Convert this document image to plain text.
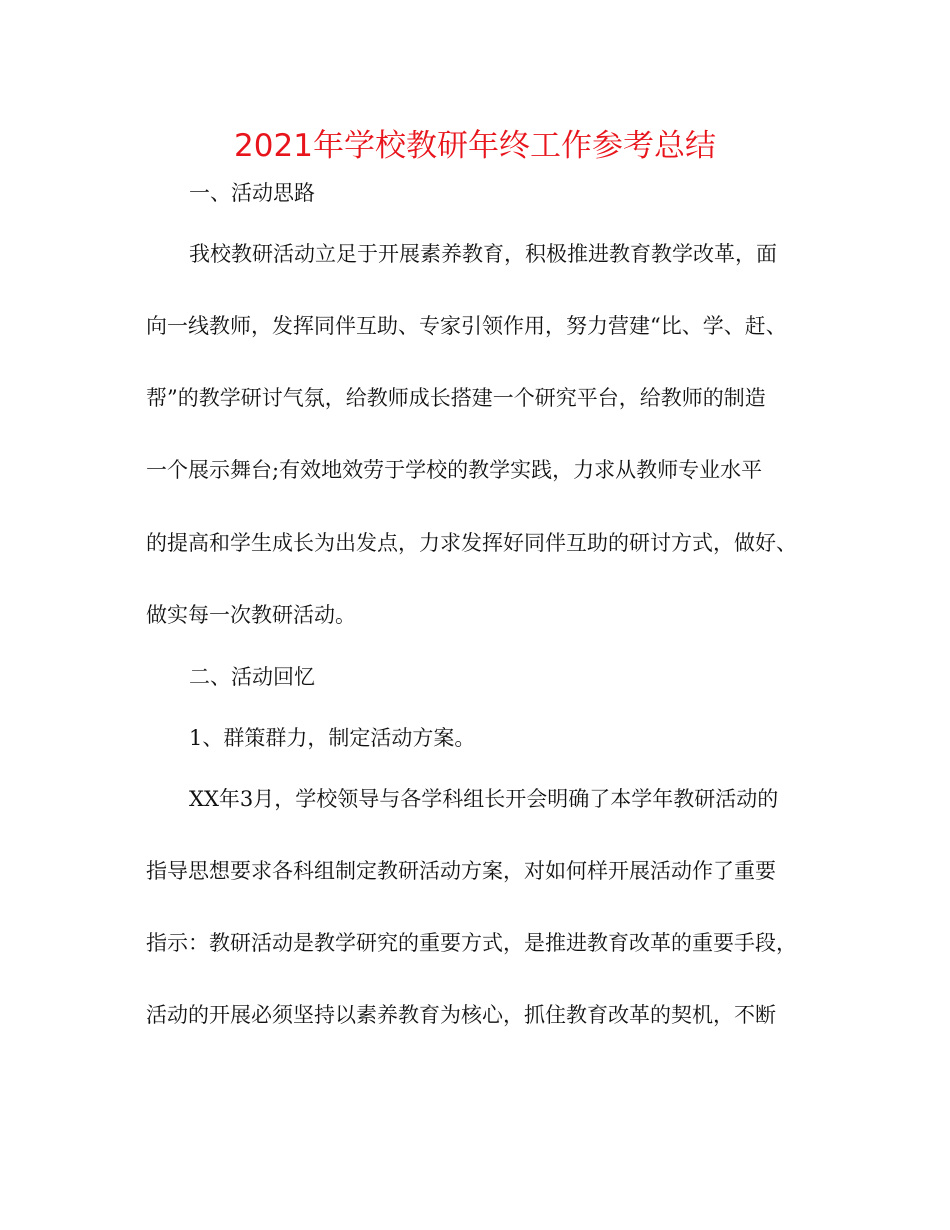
2021年学校教研年终工作参考总结
一、活动思路
我校教研活动立足于开展素养教育，积极推进教育教学改革，面
向一线教师，发挥同伴互助、专家引领作用，努力营建“比、学、赶、
帮”的教学研讨气氛，给教师成长搭建一个研究平台，给教师的制造
一个展示舞台;有效地效劳于学校的教学实践，力求从教师专业水平
的提高和学生成长为出发点，力求发挥好同伴互助的研讨方式，做好、
做实每一次教研活动。
二、活动回忆
1、群策群力，制定活动方案。
XX年3月，学校领导与各学科组长开会明确了本学年教研活动的
指导思想要求各科组制定教研活动方案，对如何样开展活动作了重要
指示：教研活动是教学研究的重要方式，是推进教育改革的重要手段，
活动的开展必须坚持以素养教育为核心，抓住教育改革的契机，不断
